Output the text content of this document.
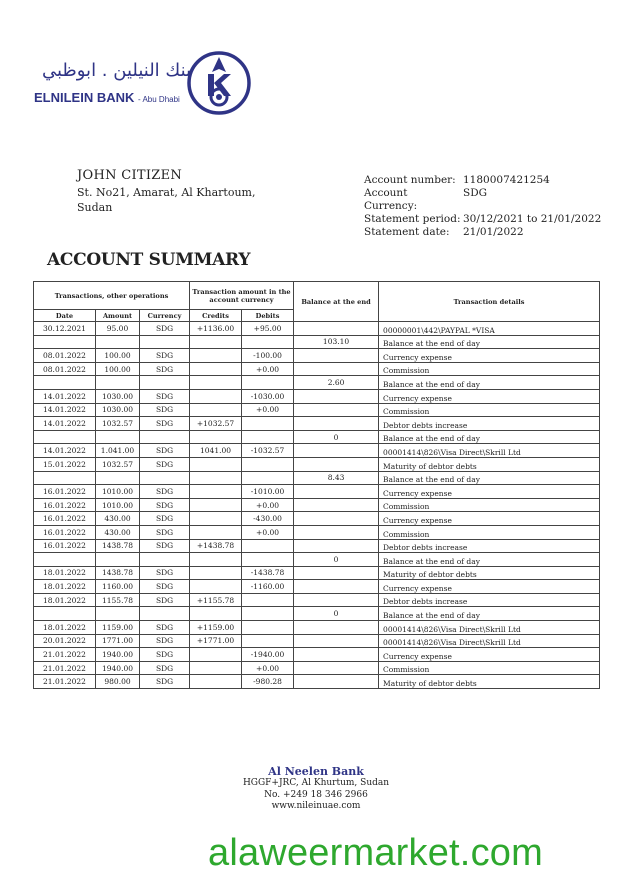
بنك النيلين . ابوظبي
ELNILEIN BANK - Abu Dhabi
JOHN CITIZEN
St. No21, Amarat, Al Khartoum,
Sudan
Account number: 1180007421254
Account Currency:
SDG
Statement period: 30/12/2021 to 21/01/2022
Statement date:	21/01/2022
ACCOUNT SUMMARY
Transactions, other operations			Transaction amount in the account currency		Balance at the end	Transaction details
Date	Amount	Currency	Credits	Debits		
30.12.2021	95.00	SDG	+1136.00	+95.00		00000001\442\PAYPAL *VISA
					103.10	Balance at the end of day
08.01.2022	100.00	SDG		-100.00		Currency expense
08.01.2022	100.00	SDG		+0.00		Commission
					2.60	Balance at the end of day
14.01.2022	1030.00	SDG		-1030.00		Currency expense
14.01.2022	1030.00	SDG		+0.00		Commission
14.01.2022	1032.57	SDG	+1032.57			Debtor debts increase
					0	Balance at the end of day
14.01.2022	1.041.00	SDG	1041.00	-1032.57		00001414\826\Visa Direct\Skrill Ltd
15.01.2022	1032.57	SDG				Maturity of debtor debts
					8.43	Balance at the end of day
16.01.2022	1010.00	SDG		-1010.00		Currency expense
16.01.2022	1010.00	SDG		+0.00		Commission
16.01.2022	430.00	SDG		-430.00		Currency expense
16.01.2022	430.00	SDG		+0.00		Commission
16.01.2022	1438.78	SDG	+1438.78			Debtor debts increase
					0	Balance at the end of day
18.01.2022	1438.78	SDG		-1438.78		Maturity of debtor debts
18.01.2022	1160.00	SDG		-1160.00		Currency expense
18.01.2022	1155.78	SDG	+1155.78			Debtor debts increase
					0	Balance at the end of day
18.01.2022	1159.00	SDG	+1159.00			00001414\826\Visa Direct\Skrill Ltd
20.01.2022	1771.00	SDG	+1771.00			00001414\826\Visa Direct\Skrill Ltd
21.01.2022	1940.00	SDG		-1940.00		Currency expense
21.01.2022	1940.00	SDG		+0.00		Commission
21.01.2022	980.00	SDG		-980.28		Maturity of debtor debts
Al Neelen Bank
HGGF+JRC, Al Khurtum, Sudan
No. +249 18 346 2966
www.nileinuae.com
alaweermarket.com
